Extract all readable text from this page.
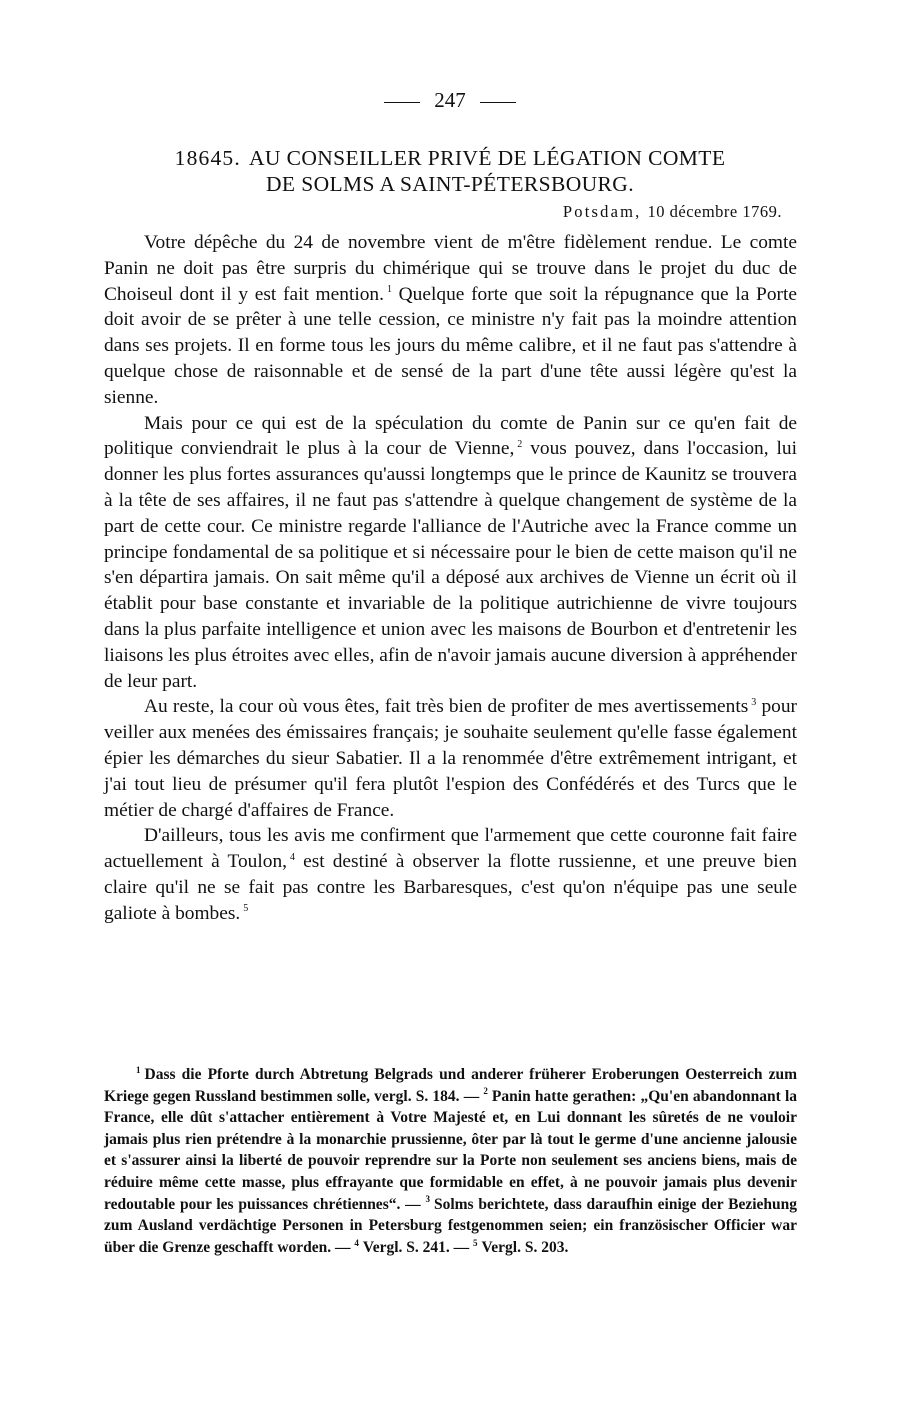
247
18645. AU CONSEILLER PRIVÉ DE LÉGATION COMTE
DE SOLMS A SAINT-PÉTERSBOURG.
Potsdam, 10 décembre 1769.

Votre dépêche du 24 de novembre vient de m'être fidèlement rendue. Le comte Panin ne doit pas être surpris du chimérique qui se trouve dans le projet du duc de Choiseul dont il y est fait mention. $^1$ Quelque forte que soit la répugnance que la Porte doit avoir de se prêter à une telle cession, ce ministre n'y fait pas la moindre attention dans ses projets. Il en forme tous les jours du même calibre, et il ne faut pas s'attendre à quelque chose de raisonnable et de sensé de la part d'une tête aussi légère qu'est la sienne.

Mais pour ce qui est de la spéculation du comte de Panin sur ce qu'en fait de politique conviendrait le plus à la cour de Vienne, $^2$ vous pouvez, dans l'occasion, lui donner les plus fortes assurances qu'aussi longtemps que le prince de Kaunitz se trouvera à la tête de ses affaires, il ne faut pas s'attendre à quelque changement de système de la part de cette cour. Ce ministre regarde l'alliance de l'Autriche avec la France comme un principe fondamental de sa politique et si nécessaire pour le bien de cette maison qu'il ne s'en départira jamais. On sait même qu'il a déposé aux archives de Vienne un écrit où il établit pour base constante et invariable de la politique autrichienne de vivre toujours dans la plus parfaite intelligence et union avec les maisons de Bourbon et d'entretenir les liaisons les plus étroites avec elles, afin de n'avoir jamais aucune diversion à appréhender de leur part.

Au reste, la cour où vous êtes, fait très bien de profiter de mes avertissements $^3$ pour veiller aux menées des émissaires français; je souhaite seulement qu'elle fasse également épier les démarches du sieur Sabatier. Il a la renommée d'être extrêmement intrigant, et j'ai tout lieu de présumer qu'il fera plutôt l'espion des Confédérés et des Turcs que le métier de chargé d'affaires de France.

D'ailleurs, tous les avis me confirment que l'armement que cette couronne fait faire actuellement à Toulon, $^4$ est destiné à observer la flotte russienne, et une preuve bien claire qu'il ne se fait pas contre les Barbaresques, c'est qu'on n'équipe pas une seule galiote à bombes. $^5$

$^1$ Dass die Pforte durch Abtretung Belgrads und anderer früherer Eroberungen Oesterreich zum Kriege gegen Russland bestimmen solle, vergl. S. 184. — $^2$ Panin hatte gerathen: „Qu'en abandonnant la France, elle dût s'attacher entièrement à Votre Majesté et, en Lui donnant les sûretés de ne vouloir jamais plus rien prétendre à la monarchie prussienne, ôter par là tout le germe d'une ancienne jalousie et s'assurer ainsi la liberté de pouvoir reprendre sur la Porte non seulement ses anciens biens, mais de réduire même cette masse, plus effrayante que formidable en effet, à ne pouvoir jamais plus devenir redoutable pour les puissances chrétiennes“. — $^3$ Solms berichtete, dass daraufhin einige der Beziehung zum Ausland verdächtige Personen in Petersburg festgenommen seien; ein französischer Officier war über die Grenze geschafft worden. — $^4$ Vergl. S. 241. — $^5$ Vergl. S. 203.
